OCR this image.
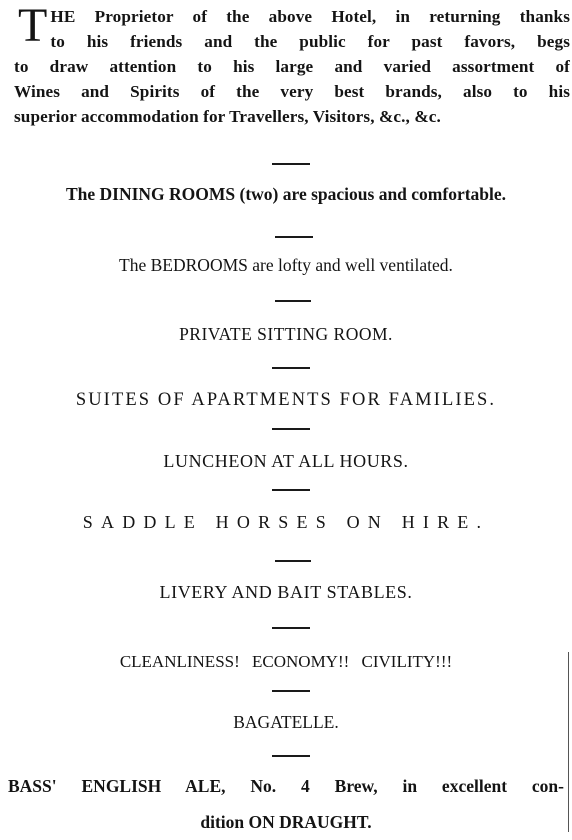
T HE Proprietor of the above Hotel, in returning thanks
to his friends and the public for past favors, begs
to draw attention to his large and varied assortment of
Wines and Spirits of the very best brands, also to his
superior accommodation for Travellers, Visitors, &c., &c.
The DINING ROOMS (two) are spacious and comfortable.
The BEDROOMS are lofty and well ventilated.
PRIVATE SITTING ROOM.
SUITES OF APARTMENTS FOR FAMILIES.
LUNCHEON AT ALL HOURS.
SADDLE HORSES ON HIRE.
LIVERY AND BAIT STABLES.
CLEANLINESS! ECONOMY!! CIVILITY!!!
BAGATELLE.
BASS' ENGLISH ALE, No. 4 Brew, in excellent con-
dition ON DRAUGHT.
